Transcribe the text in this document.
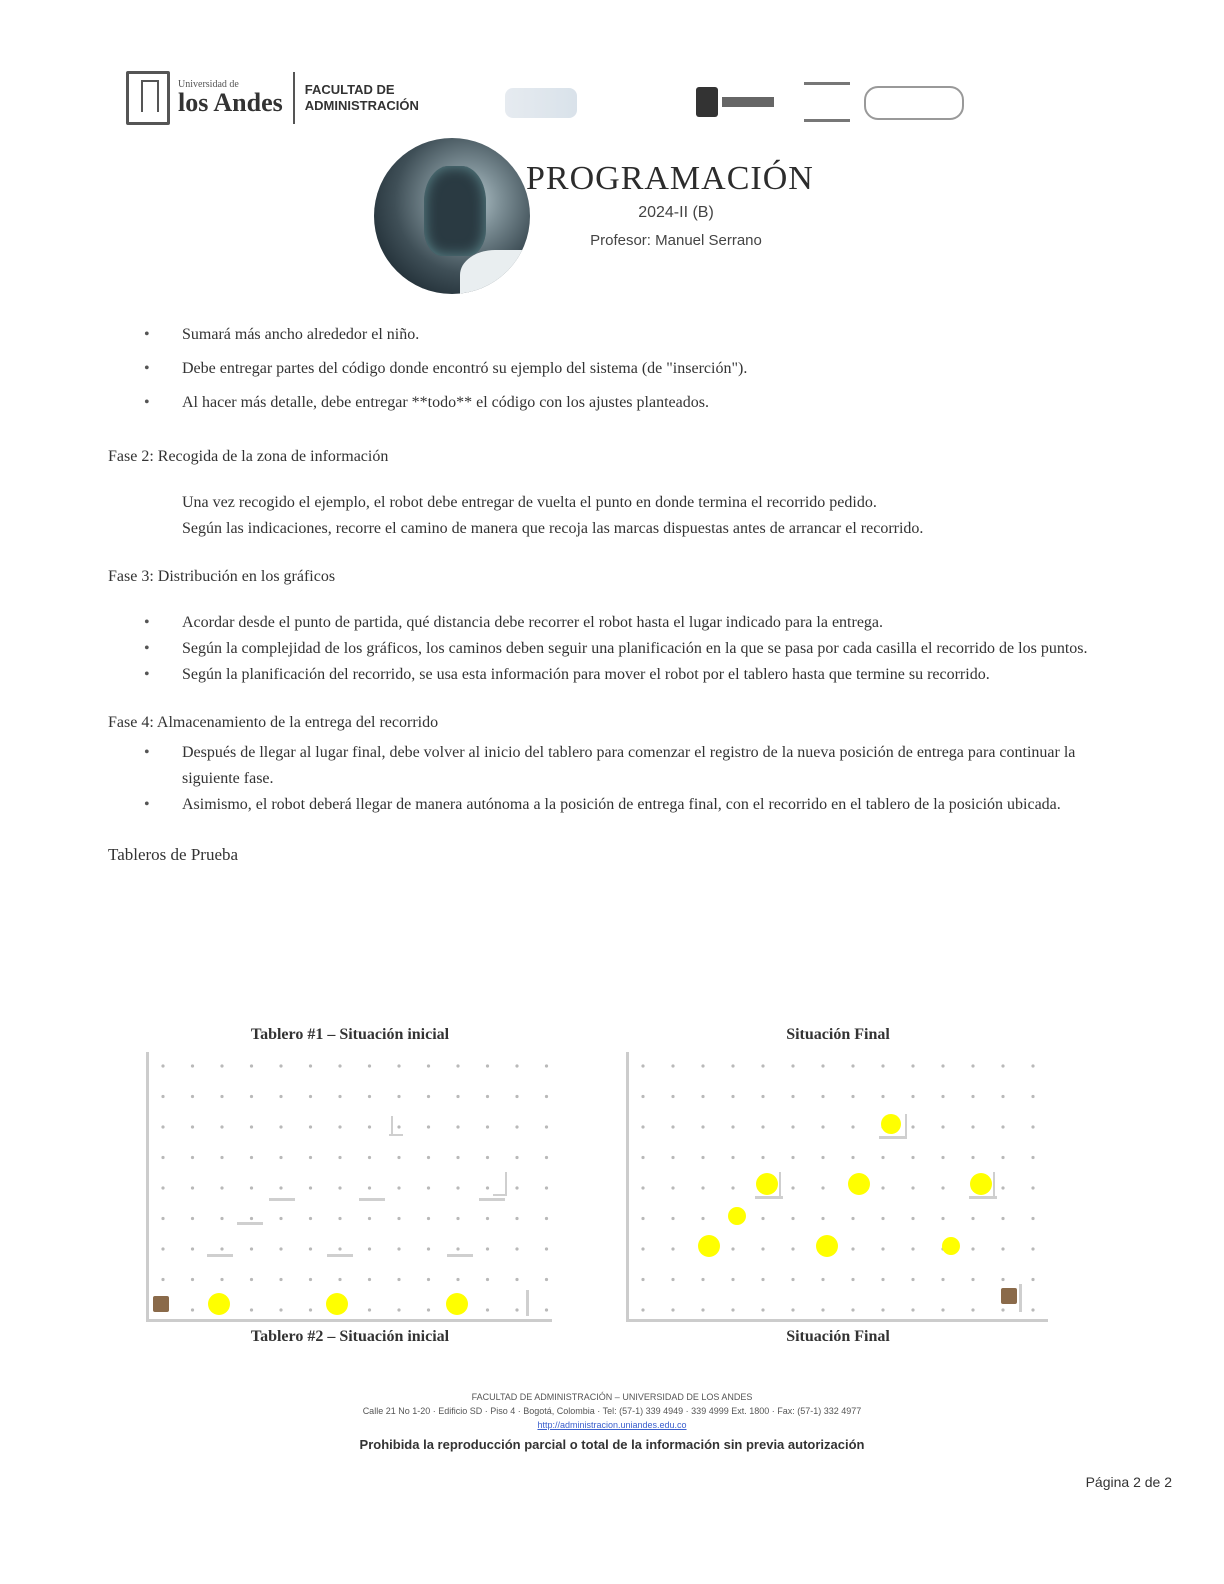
Universidad de
los Andes FACULTAD DE ADMINISTRACIÓN
PROGRAMACIÓN
2024-II (B)
Profesor: Manuel Serrano
• Sumará más ancho alrededor el niño.
• Debe entregar partes del código donde encontró su ejemplo del sistema (de "inserción").
• Al hacer más detalle, debe entregar **todo** el código con los ajustes planteados.
Fase 2: Recogida de la zona de información
Una vez recogido el ejemplo, el robot debe entregar de vuelta el punto en donde termina el recorrido pedido.
Según las indicaciones, recorre el camino de manera que recoja las marcas dispuestas antes de arrancar el recorrido.
Fase 3: Distribución en los gráficos
• Acordar desde el punto de partida, qué distancia debe recorrer el robot hasta el lugar indicado para la entrega.
• Según la complejidad de los gráficos, los caminos deben seguir una planificación en la que se pasa por cada casilla el recorrido de los puntos.
• Según la planificación del recorrido, se usa esta información para mover el robot por el tablero hasta que termine su recorrido.
Fase 4: Almacenamiento de la entrega del recorrido
• Después de llegar al lugar final, debe volver al inicio del tablero para comenzar el registro de la nueva posición de entrega para continuar la siguiente fase.
• Asimismo, el robot deberá llegar de manera autónoma a la posición de entrega final, con el recorrido en el tablero de la posición ubicada.
Tableros de Prueba
Tablero #1 – Situación inicial	Situación Final
Tablero #2 – Situación inicial	Situación Final
FACULTAD DE ADMINISTRACIÓN – UNIVERSIDAD DE LOS ANDES
Calle 21 No 1-20 · Edificio SD · Piso 4 · Bogotá, Colombia · Tel: (57-1) 339 4949 · 339 4999 Ext. 1800 · Fax: (57-1) 332 4977
http://administracion.uniandes.edu.co
Prohibida la reproducción parcial o total de la información sin previa autorización
Página 2 de 2
